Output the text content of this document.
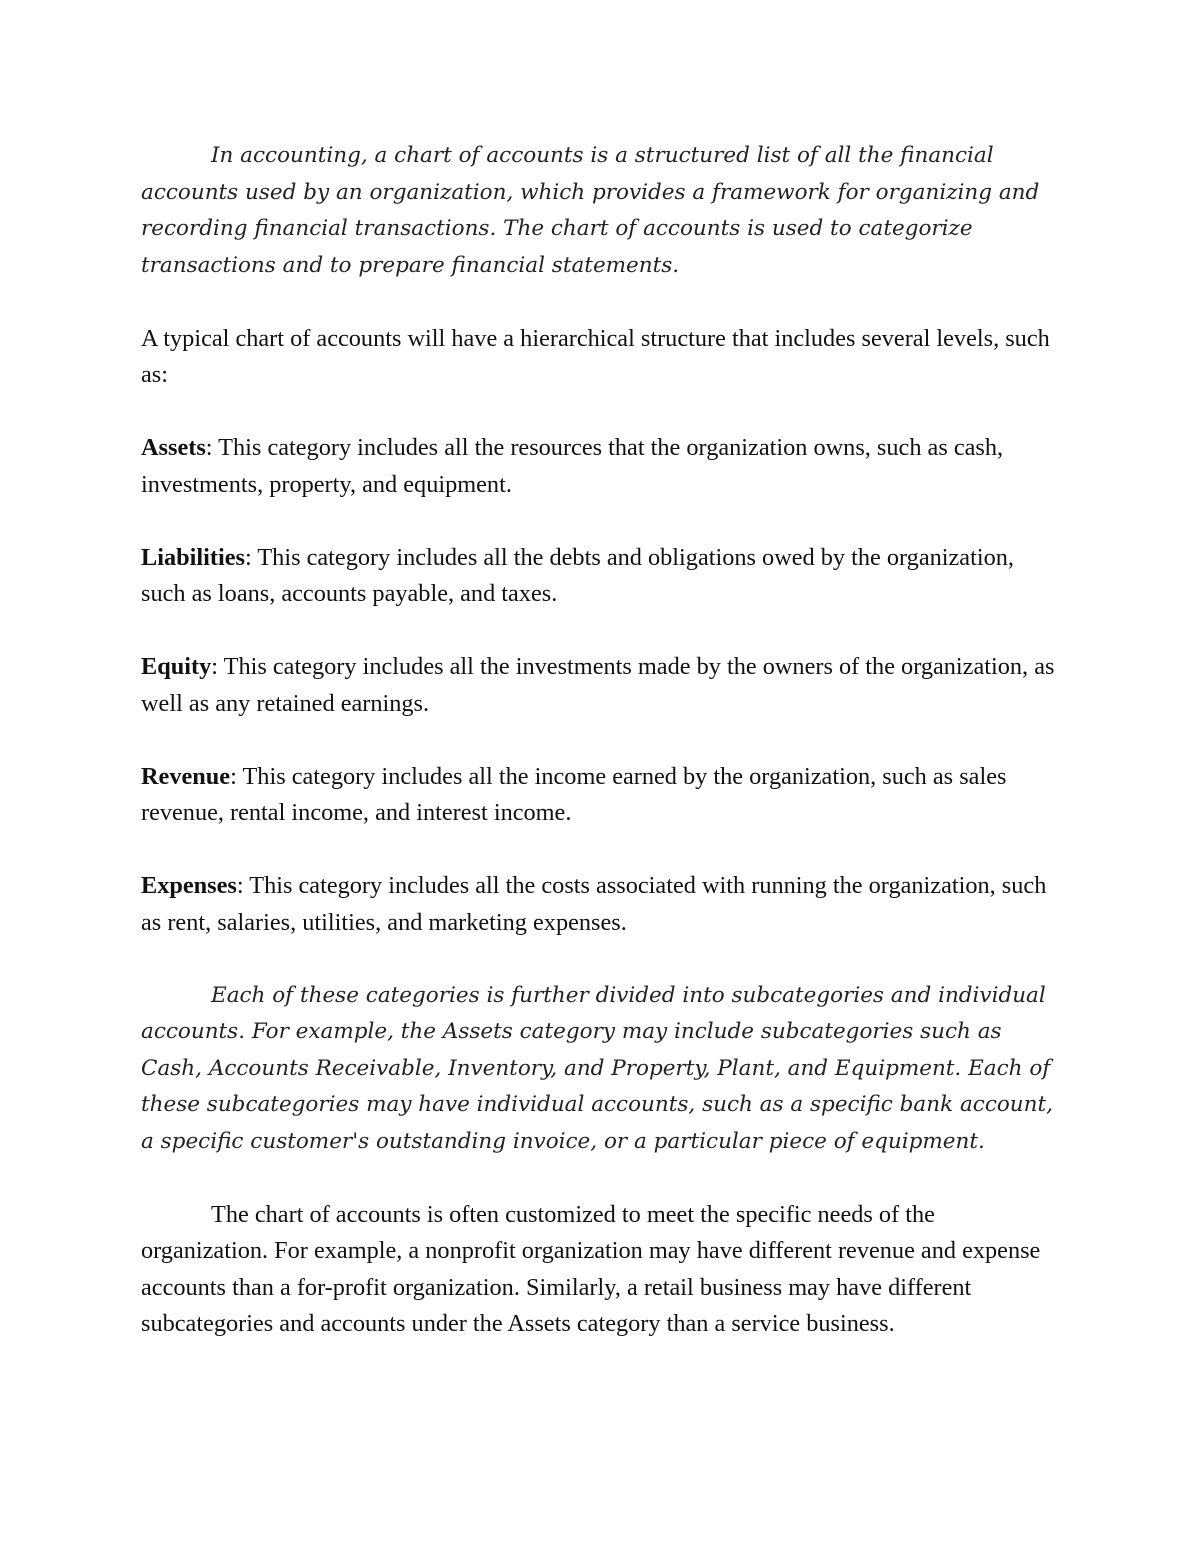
In accounting, a chart of accounts is a structured list of all the financial accounts used by an organization, which provides a framework for organizing and recording financial transactions. The chart of accounts is used to categorize transactions and to prepare financial statements.

A typical chart of accounts will have a hierarchical structure that includes several levels, such as:

Assets: This category includes all the resources that the organization owns, such as cash, investments, property, and equipment.

Liabilities: This category includes all the debts and obligations owed by the organization, such as loans, accounts payable, and taxes.

Equity: This category includes all the investments made by the owners of the organization, as well as any retained earnings.

Revenue: This category includes all the income earned by the organization, such as sales revenue, rental income, and interest income.

Expenses: This category includes all the costs associated with running the organization, such as rent, salaries, utilities, and marketing expenses.

Each of these categories is further divided into subcategories and individual accounts. For example, the Assets category may include subcategories such as Cash, Accounts Receivable, Inventory, and Property, Plant, and Equipment. Each of these subcategories may have individual accounts, such as a specific bank account, a specific customer's outstanding invoice, or a particular piece of equipment.

The chart of accounts is often customized to meet the specific needs of the organization. For example, a nonprofit organization may have different revenue and expense accounts than a for-profit organization. Similarly, a retail business may have different subcategories and accounts under the Assets category than a service business.
